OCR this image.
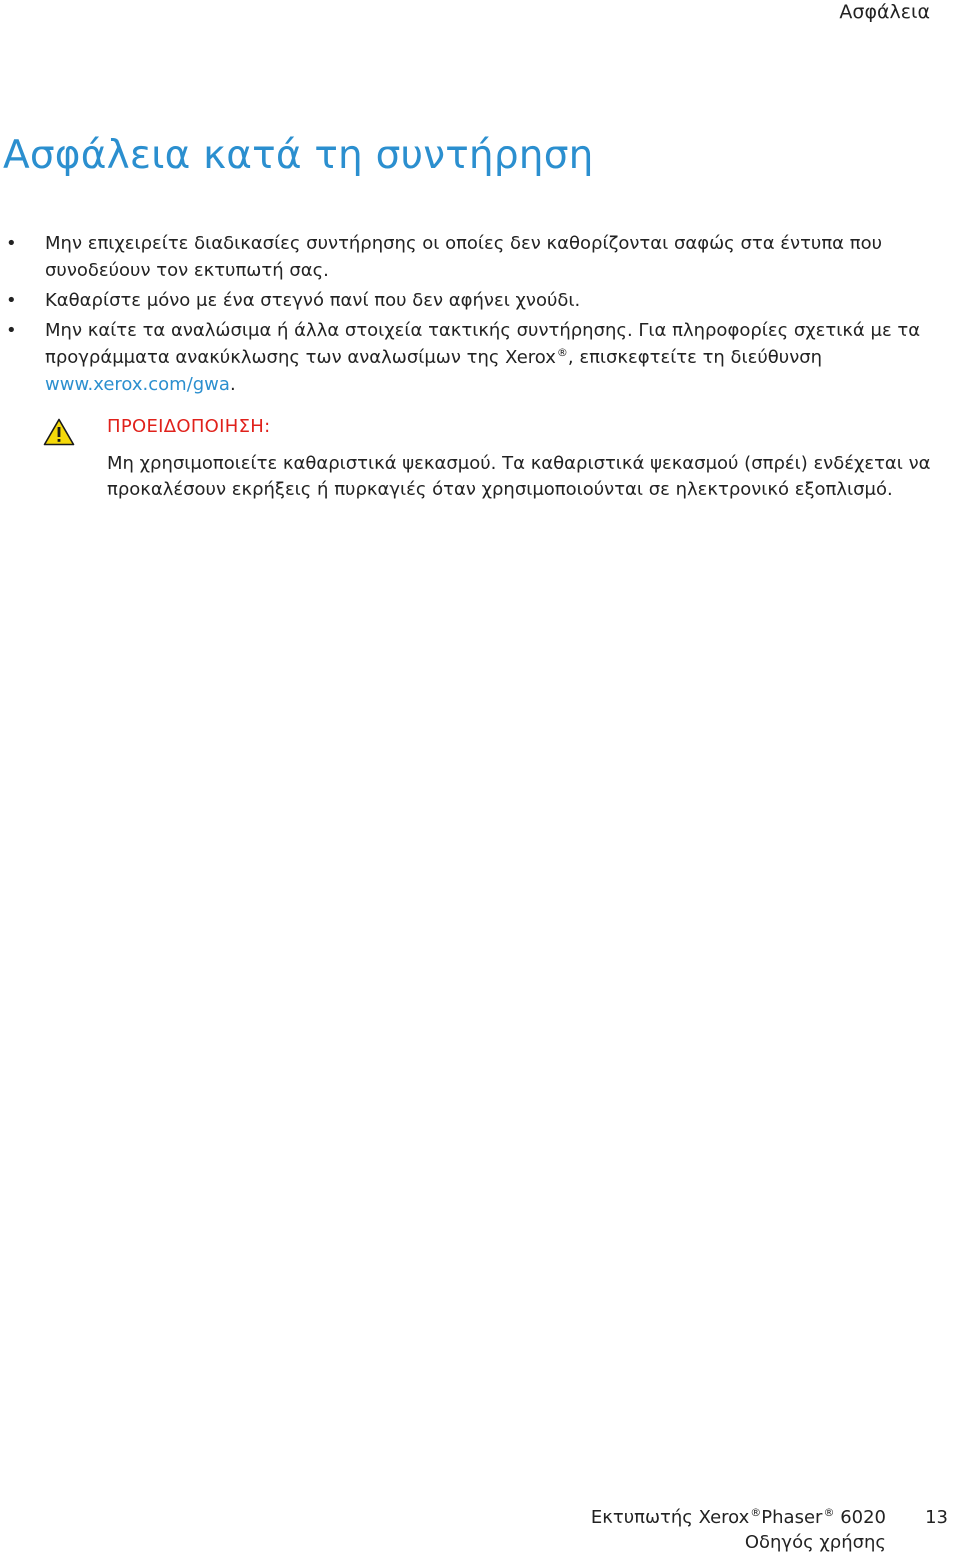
Ασφάλεια
Ασφάλεια κατά τη συντήρηση
• Μην επιχειρείτε διαδικασίες συντήρησης οι οποίες δεν καθορίζονται σαφώς στα έντυπα που συνοδεύουν τον εκτυπωτή σας.
• Καθαρίστε μόνο με ένα στεγνό πανί που δεν αφήνει χνούδι.
• Μην καίτε τα αναλώσιμα ή άλλα στοιχεία τακτικής συντήρησης. Για πληροφορίες σχετικά με τα προγράμματα ανακύκλωσης των αναλωσίμων της Xerox®, επισκεφτείτε τη διεύθυνση www.xerox.com/gwa.
ΠΡΟΕΙΔΟΠΟΙΗΣΗ:
Μη χρησιμοποιείτε καθαριστικά ψεκασμού. Τα καθαριστικά ψεκασμού (σπρέι) ενδέχεται να προκαλέσουν εκρήξεις ή πυρκαγιές όταν χρησιμοποιούνται σε ηλεκτρονικό εξοπλισμό.
Εκτυπωτής Xerox®Phaser® 6020
Οδηγός χρήσης
13
